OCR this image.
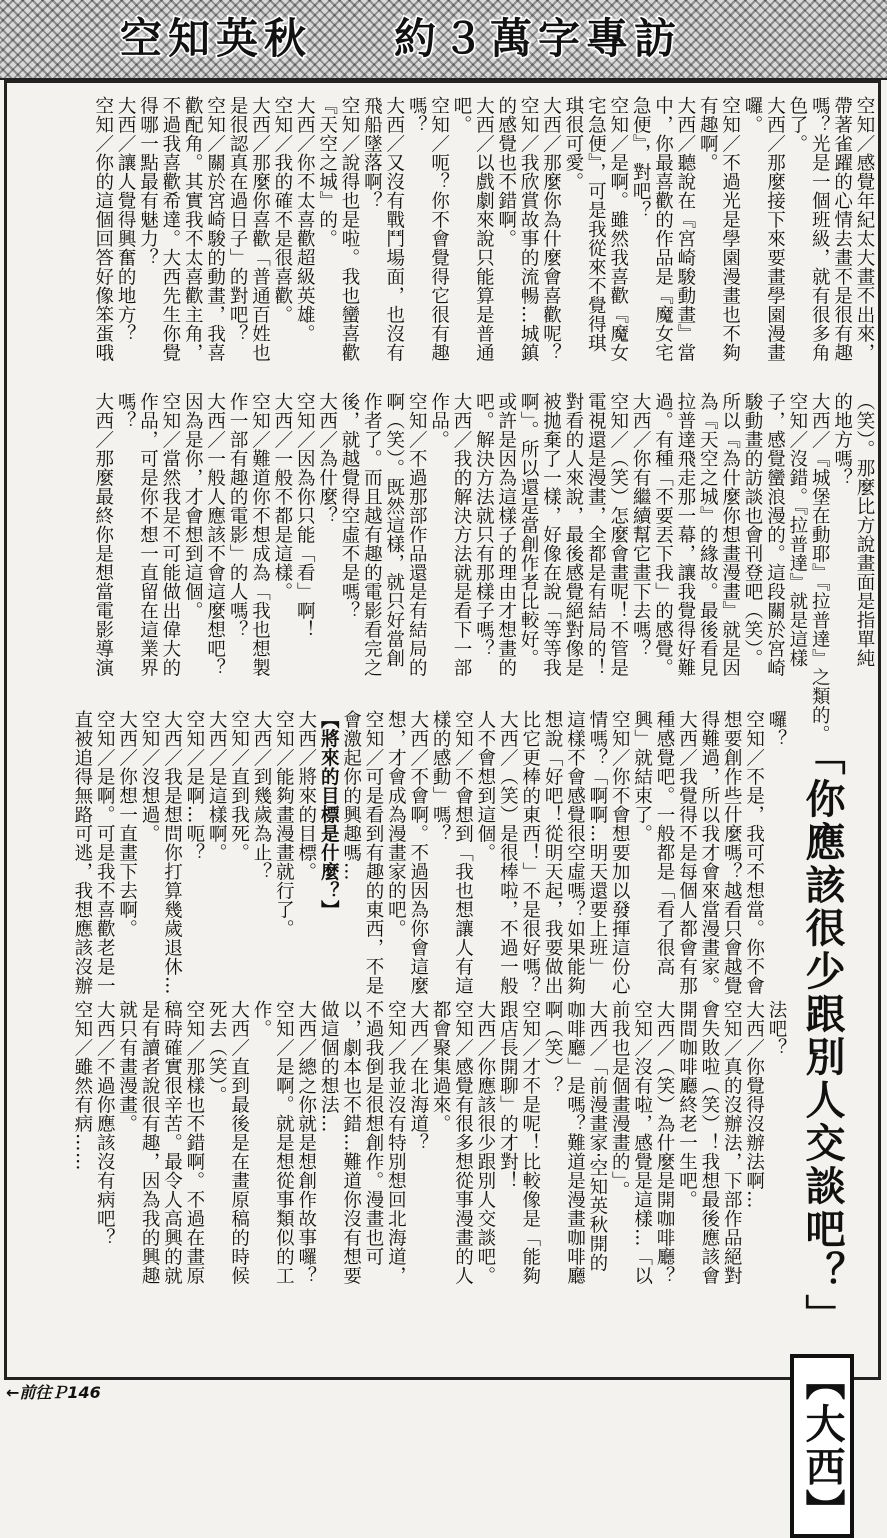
空知英秋 約３萬字專訪
空知／感覺年紀太大畫不出來，
帶著雀躍的心情去畫不是很有趣
嗎？光是一個班級，就有很多角
色了。
大西／那麼接下來要畫學園漫畫
囉。
空知／不過光是學園漫畫也不夠
有趣啊。
大西／聽說在『宮崎駿動畫』當
中，你最喜歡的作品是『魔女宅
急便』，對吧？
空知／是啊。雖然我喜歡『魔女
宅急便』，可是我從來不覺得琪
琪很可愛。
大西／那麼你為什麼會喜歡呢？
空知／我欣賞故事的流暢…城鎮
的感覺也不錯啊。
大西／以戲劇來說只能算是普通
吧。
空知／呃？你不會覺得它很有趣
嗎？
大西／又沒有戰鬥場面，也沒有
飛船墜落啊？
空知／說得也是啦。我也蠻喜歡
『天空之城』的。
大西／你不太喜歡超級英雄。
空知／我的確不是很喜歡。
大西／那麼你喜歡「普通百姓也
是很認真在過日子」的對吧？
空知／關於宮崎駿的動畫，我喜
歡配角。其實我不太喜歡主角，
不過我喜歡希達。大西先生你覺
得哪一點最有魅力？
大西／讓人覺得興奮的地方？
空知／你的這個回答好像笨蛋哦
（笑）。那麼比方說畫面是指單純
的地方嗎？
大西／『城堡在動耶』『拉普達』之類的。
空知／沒錯。『拉普達』就是這樣
子，感覺蠻浪漫的。這段關於宮崎
駿動畫的訪談也會刊登吧（笑）。
所以『為什麼你想畫漫畫』就是因
為『天空之城』的緣故。最後看見
拉普達飛走那一幕，讓我覺得好難
過。有種「不要丟下我」的感覺。
大西／你有繼續幫它畫下去嗎？
空知／（笑）怎麼會畫呢！不管是
電視還是漫畫，全都是有結局的！
對看的人來說，最後感覺絕對像是
被拋棄了一樣，好像在說「等等我
啊」。所以還是當創作者比較好。
或許是因為這樣子的理由才想畫的
吧。解決方法就只有那樣子嗎？
大西／我的解決方法就是看下一部
作品。
空知／不過那部作品還是有結局的
啊（笑）。既然這樣，就只好當創
作者了。而且越有趣的電影看完之
後，就越覺得空虛不是嗎？
大西／為什麼？
空知／因為你只能「看」啊！
大西／一般不都是這樣。
空知／難道你不想成為「我也想製
作一部有趣的電影」的人嗎？
大西／一般人應該不會這麼想吧？
因為是你，才會想到這個。
空知／當然我是不可能做出偉大的
作品，可是你不想一直留在這業界
嗎？
大西／那麼最終你是想當電影導演
囉？
空知／不是，我可不想當。你不會
想要創作些什麼嗎？越看只會越覺
得難過，所以我才會來當漫畫家。
大西／我覺得不是每個人都會有那
種感覺吧。一般都是「看了很高
興」就結束了。
空知／你不會想要加以發揮這份心
情嗎？「啊啊…明天還要上班」
這樣不會感覺很空虛嗎？如果能夠
想說「好吧！從明天起，我要做出
比它更棒的東西！」不是很好嗎？
大西／（笑）是很棒啦，不過一般
人不會想到這個。
空知／不會想到「我也想讓人有這
樣的感動」嗎？
大西／不會啊。不過因為你會這麼
想，才會成為漫畫家的吧。
空知／可是看到有趣的東西，不是
會激起你的興趣嗎…
【將來的目標是什麼？】
大西／將來的目標。
空知／能夠畫漫畫就行了。
大西／到幾歲為止？
空知／直到我死。
大西／是這樣啊。
空知／是啊…呃？
大西／我是想問你打算幾歲退休…
空知／沒想過。
大西／你想一直畫下去啊。
空知／是啊。可是我不喜歡老是一
直被追得無路可逃，我想應該沒辦
法吧？
大西／你覺得沒辦法啊…
空知／真的沒辦法，下部作品絕對
會失敗啦（笑）！我想最後應該會
開間咖啡廳終老一生吧。
大西／（笑）為什麼是開咖啡廳？
空知／沒有啦，感覺是這樣…「以
前我也是個畫漫畫的」。
大西／「前漫畫家‧空知英秋開的
咖啡廳」是嗎？難道是漫畫咖啡廳
啊（笑）？
空知／才不是呢！比較像是「能夠
跟店長開聊」的才對！
大西／你應該很少跟別人交談吧。
空知／感覺有很多想從事漫畫的人
都會聚集過來。
大西／在北海道？
空知／我並沒有特別想回北海道，
不過我倒是很想創作。漫畫也可
以，劇本也不錯…難道你沒有想要
做這個的想法…
大西／總之你就是想創作故事囉？
空知／是啊。就是想從事類似的工
作。
大西／直到最後是在畫原稿的時候
死去（笑）。
空知／那樣也不錯啊。不過在畫原
稿時確實很辛苦。最令人高興的就
是有讀者說很有趣，因為我的興趣
就只有畫漫畫。
大西／不過你應該沒有病吧？
空知／雖然有病……	「你應該很少跟別人交談吧？」 【大西】
←前往Ｐ146
